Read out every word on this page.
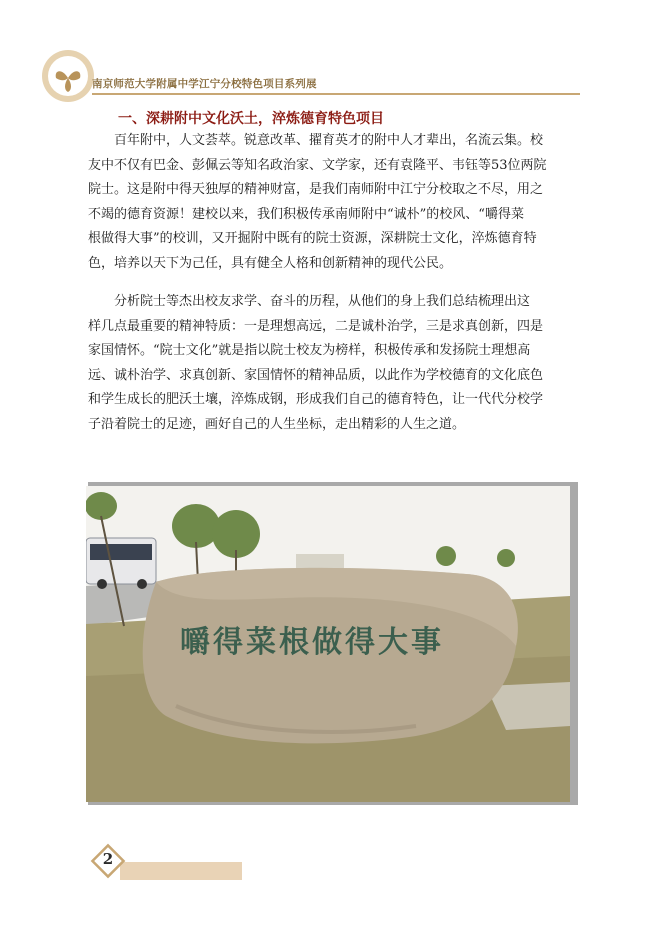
南京师范大学附属中学江宁分校特色项目系列展
一、深耕附中文化沃土，淬炼德育特色项目
百年附中，人文荟萃。锐意改革、擢育英才的附中人才辈出，名流云集。校
友中不仅有巴金、彭佩云等知名政治家、文学家，还有袁隆平、韦钰等53位两院
院士。这是附中得天独厚的精神财富，是我们南师附中江宁分校取之不尽，用之
不竭的德育资源！建校以来，我们积极传承南师附中“诚朴”的校风、“嚼得菜
根做得大事”的校训，又开掘附中既有的院士资源，深耕院士文化，淬炼德育特
色，培养以天下为己任，具有健全人格和创新精神的现代公民。
分析院士等杰出校友求学、奋斗的历程，从他们的身上我们总结梳理出这
样几点最重要的精神特质：一是理想高远，二是诚朴治学，三是求真创新，四是
家国情怀。“院士文化”就是指以院士校友为榜样，积极传承和发扬院士理想高
远、诚朴治学、求真创新、家国情怀的精神品质，以此作为学校德育的文化底色
和学生成长的肥沃土壤，淬炼成钢，形成我们自己的德育特色，让一代代分校学
子沿着院士的足迹，画好自己的人生坐标，走出精彩的人生之道。
嚼得菜根做得大事
2
